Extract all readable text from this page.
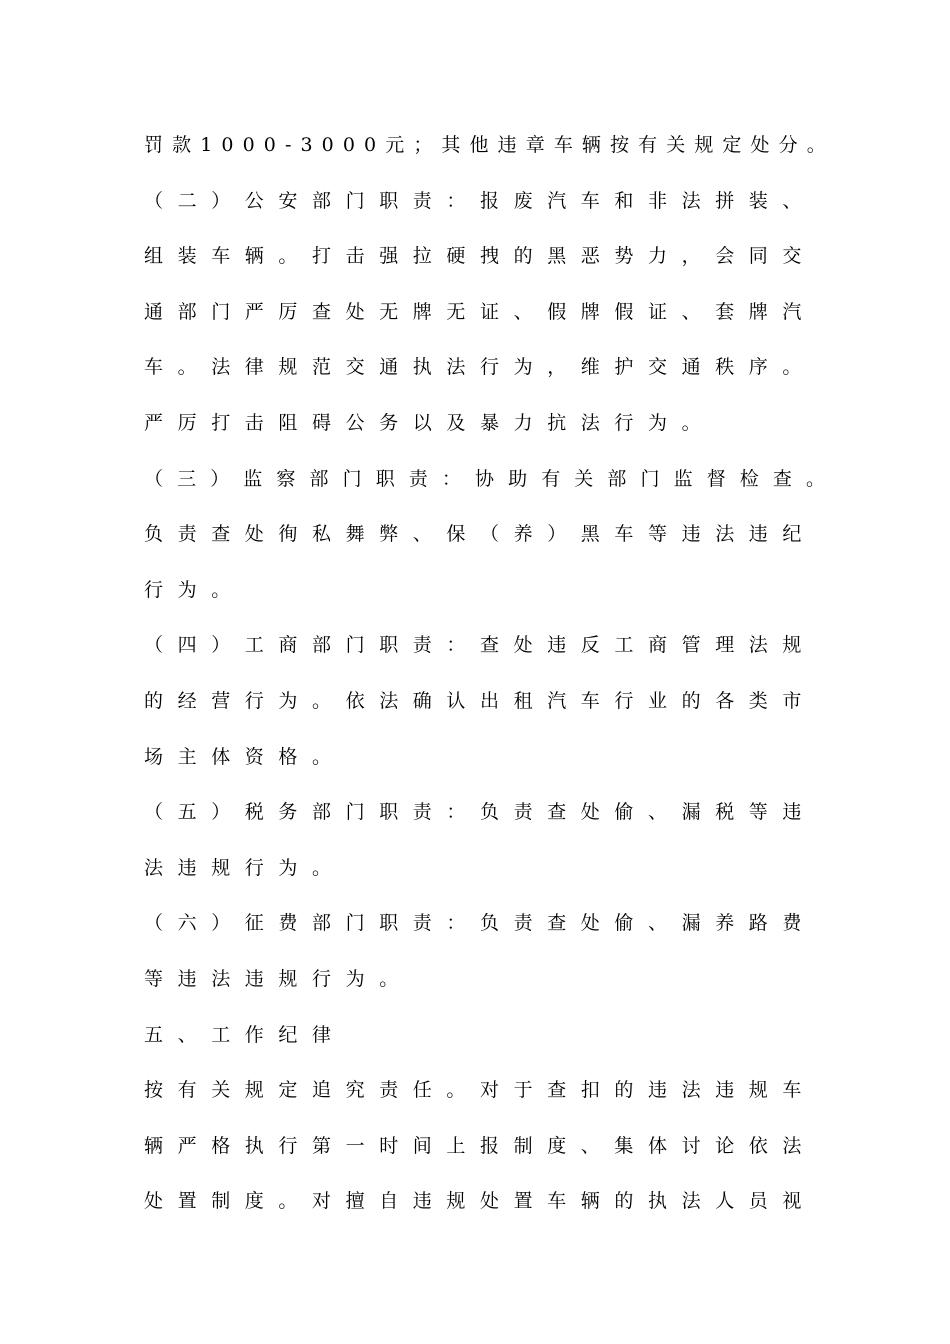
罚款1000-3000元；其他违章车辆按有关规定处分。
（二）公安部门职责：报废汽车和非法拼装、
组装车辆。打击强拉硬拽的黑恶势力，会同交
通部门严厉查处无牌无证、假牌假证、套牌汽
车。法律规范交通执法行为，维护交通秩序。
严厉打击阻碍公务以及暴力抗法行为。
（三）监察部门职责：协助有关部门监督检查。
负责查处徇私舞弊、保（养）黑车等违法违纪
行为。
（四）工商部门职责：查处违反工商管理法规
的经营行为。依法确认出租汽车行业的各类市
场主体资格。
（五）税务部门职责：负责查处偷、漏税等违
法违规行为。
（六）征费部门职责：负责查处偷、漏养路费
等违法违规行为。
五、工作纪律
按有关规定追究责任。对于查扣的违法违规车
辆严格执行第一时间上报制度、集体讨论依法
处置制度。对擅自违规处置车辆的执法人员视
